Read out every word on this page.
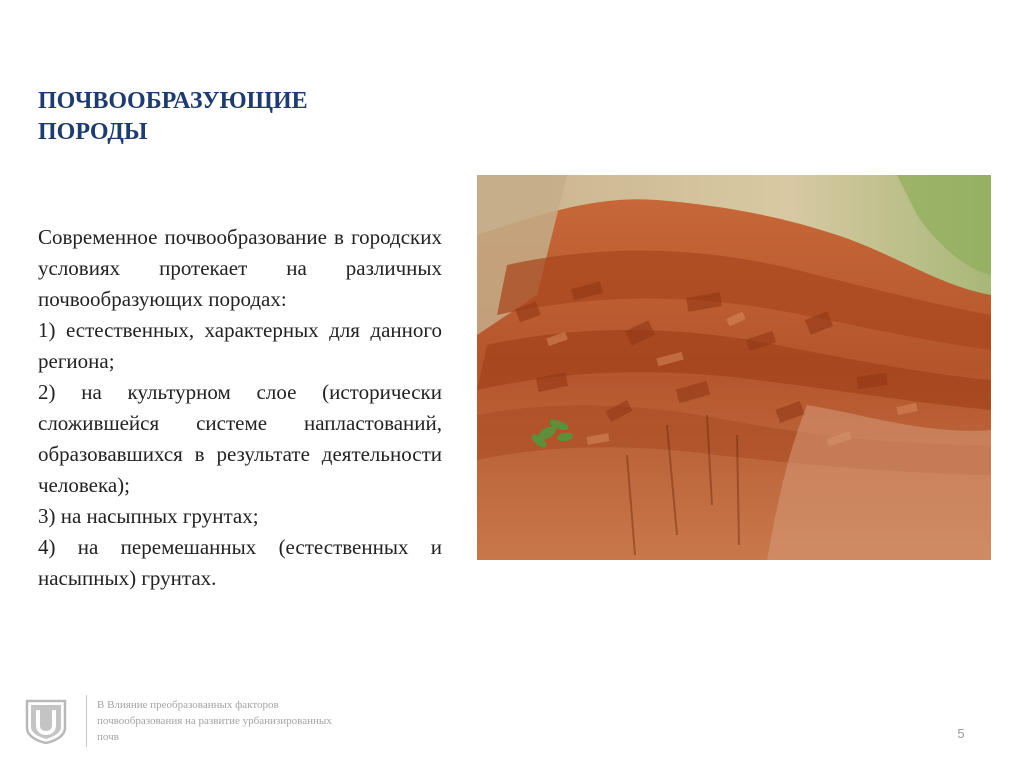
ПОЧВООБРАЗУЮЩИЕ
ПОРОДЫ

Современное почвообразование в городских условиях протекает на различных почвообразующих породах:

1) естественных, характерных для данного региона;

2) на культурном слое (исторически сложившейся системе напластований, образовавшихся в результате деятельности человека);

3) на насыпных грунтах;

4) на перемешанных (естественных и насыпных) грунтах.

В Влияние преобразованных факторов
почвообразования на развитие урбанизированных
почв	5
